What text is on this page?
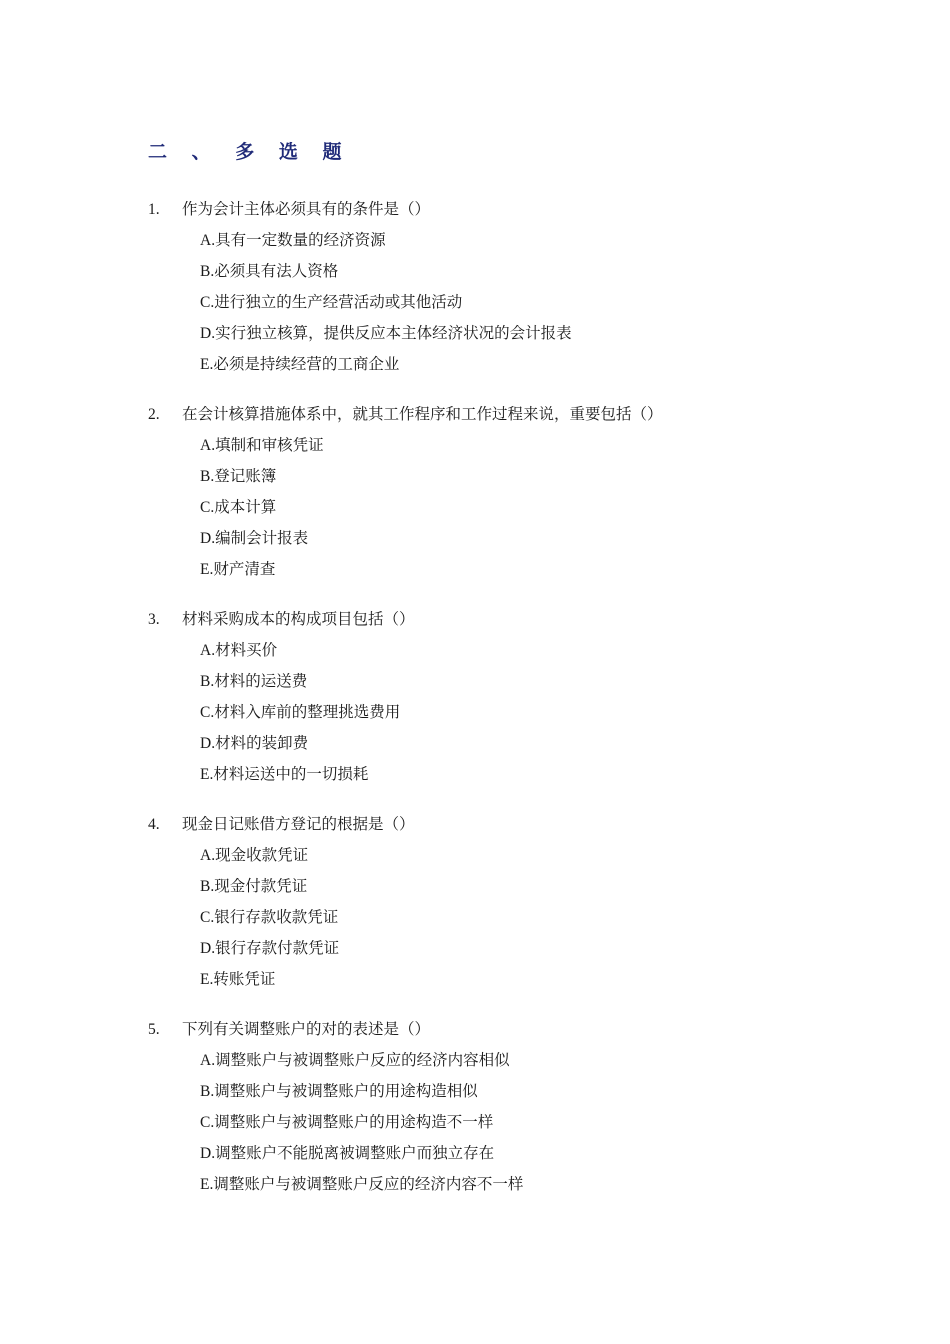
二 、 多 选 题
1.	作为会计主体必须具有的条件是（）
A.具有一定数量的经济资源
B.必须具有法人资格
C.进行独立的生产经营活动或其他活动
D.实行独立核算，提供反应本主体经济状况的会计报表
E.必须是持续经营的工商企业
2.	在会计核算措施体系中，就其工作程序和工作过程来说，重要包括（）
A.填制和审核凭证
B.登记账簿
C.成本计算
D.编制会计报表
E.财产清查
3.	材料采购成本的构成项目包括（）
A.材料买价
B.材料的运送费
C.材料入库前的整理挑选费用
D.材料的装卸费
E.材料运送中的一切损耗
4.	现金日记账借方登记的根据是（）
A.现金收款凭证
B.现金付款凭证
C.银行存款收款凭证
D.银行存款付款凭证
E.转账凭证
5.	下列有关调整账户的对的表述是（）
A.调整账户与被调整账户反应的经济内容相似
B.调整账户与被调整账户的用途构造相似
C.调整账户与被调整账户的用途构造不一样
D.调整账户不能脱离被调整账户而独立存在
E.调整账户与被调整账户反应的经济内容不一样
